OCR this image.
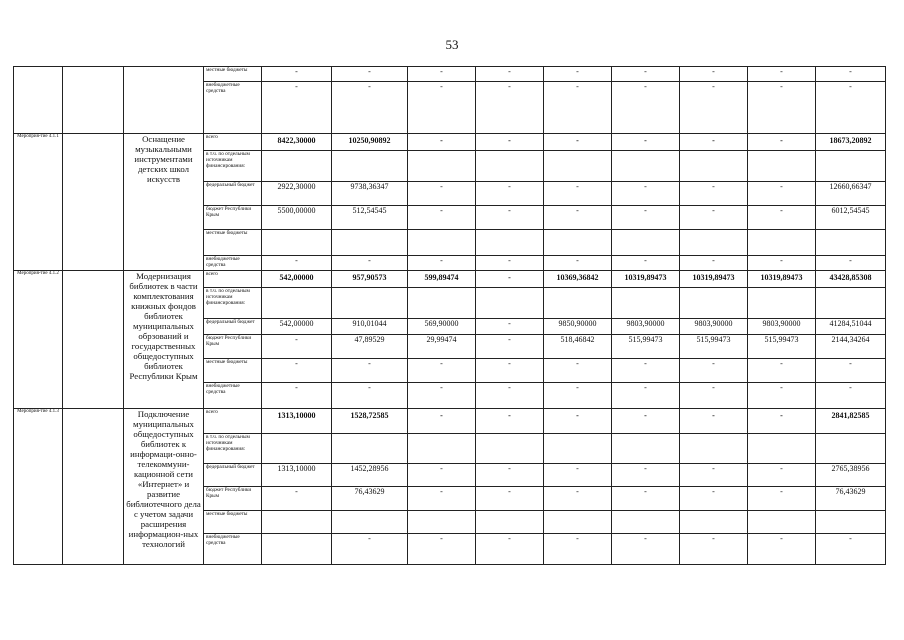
53
			местные бюджеты	-	-	-	-	-	-	-	-	-
			внебюджетные средства	-	-	-	-	-	-	-	-	-
Мероприя-тие 4.1.1		Оснащение музыкальными инструментами детских школ искусств	всего	8422,30000	10250,90892	-	-	-	-	-	-	18673,20892
			в т.ч. по отдельным источникам финансирования:									
			федеральный бюджет	2922,30000	9738,36347	-	-	-	-	-	-	12660,66347
			бюджет Республики Крым	5500,00000	512,54545	-	-	-	-	-	-	6012,54545
			местные бюджеты									
			внебюджетные средства	-	-	-	-	-	-	-	-	-
Мероприя-тие 4.1.2		Модернизация библиотек в части комплектования книжных фондов библиотек муниципальных обрзований и государственных общедоступных библиотек Республики Крым	всего	542,00000	957,90573	599,89474	-	10369,36842	10319,89473	10319,89473	10319,89473	43428,85308
			в т.ч. по отдельным источникам финансирования:									
			федеральный бюджет	542,00000	910,01044	569,90000	-	9850,90000	9803,90000	9803,90000	9803,90000	41284,51044
			бюджет Республики Крым	-	47,89529	29,99474	-	518,46842	515,99473	515,99473	515,99473	2144,34264
			местные бюджеты	-	-	-	-	-	-	-	-	-
			внебюджетные средства	-	-	-	-	-	-	-	-	-
Мероприя-тие 4.1.3		Подключение муниципальных общедоступных библиотек к информаци-онно-телекоммуни-кационной сети «Интернет» и развитие библиотечного дела с учетом задачи расширения информацион-ных технологий	всего	1313,10000	1528,72585	-	-	-	-	-	-	2841,82585
			в т.ч. по отдельным источникам финансирования:									
			федеральный бюджет	1313,10000	1452,28956	-	-	-	-	-	-	2765,38956
			бюджет Республики Крым	-	76,43629	-	-	-	-	-	-	76,43629
			местные бюджеты									
			внебюджетные средства		-	-	-	-	-	-	-	-
